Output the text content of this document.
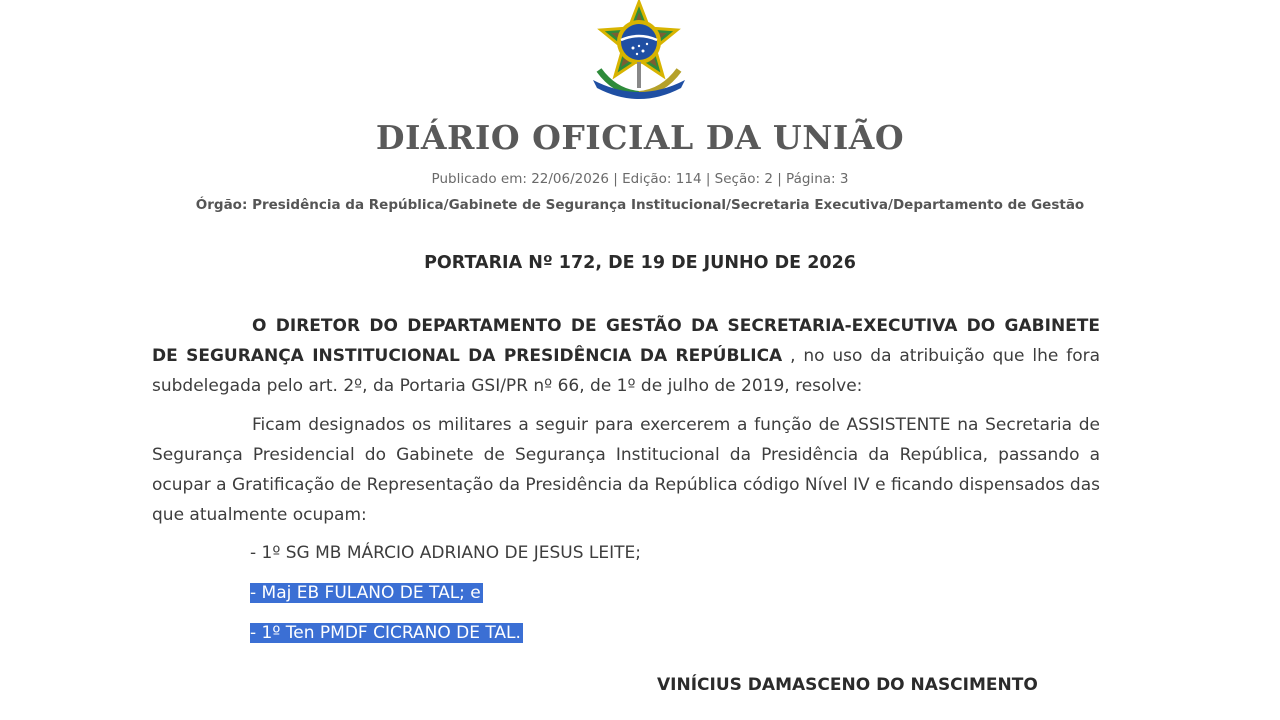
DIÁRIO OFICIAL DA UNIÃO
Publicado em: 22/06/2026 | Edição: 114 | Seção: 2 | Página: 3
Órgão: Presidência da República/Gabinete de Segurança Institucional/Secretaria Executiva/Departamento de Gestão
PORTARIA Nº 172, DE 19 DE JUNHO DE 2026
O DIRETOR DO DEPARTAMENTO DE GESTÃO DA SECRETARIA-EXECUTIVA DO GABINETE DE SEGURANÇA INSTITUCIONAL DA PRESIDÊNCIA DA REPÚBLICA , no uso da atribuição que lhe fora subdelegada pelo art. 2º, da Portaria GSI/PR nº 66, de 1º de julho de 2019, resolve:
Ficam designados os militares a seguir para exercerem a função de ASSISTENTE na Secretaria de Segurança Presidencial do Gabinete de Segurança Institucional da Presidência da República, passando a ocupar a Gratificação de Representação da Presidência da República código Nível IV e ficando dispensados das que atualmente ocupam:
- 1º SG MB MÁRCIO ADRIANO DE JESUS LEITE;
- Maj EB FULANO DE TAL; e
- 1º Ten PMDF CICRANO DE TAL.
VINÍCIUS DAMASCENO DO NASCIMENTO
